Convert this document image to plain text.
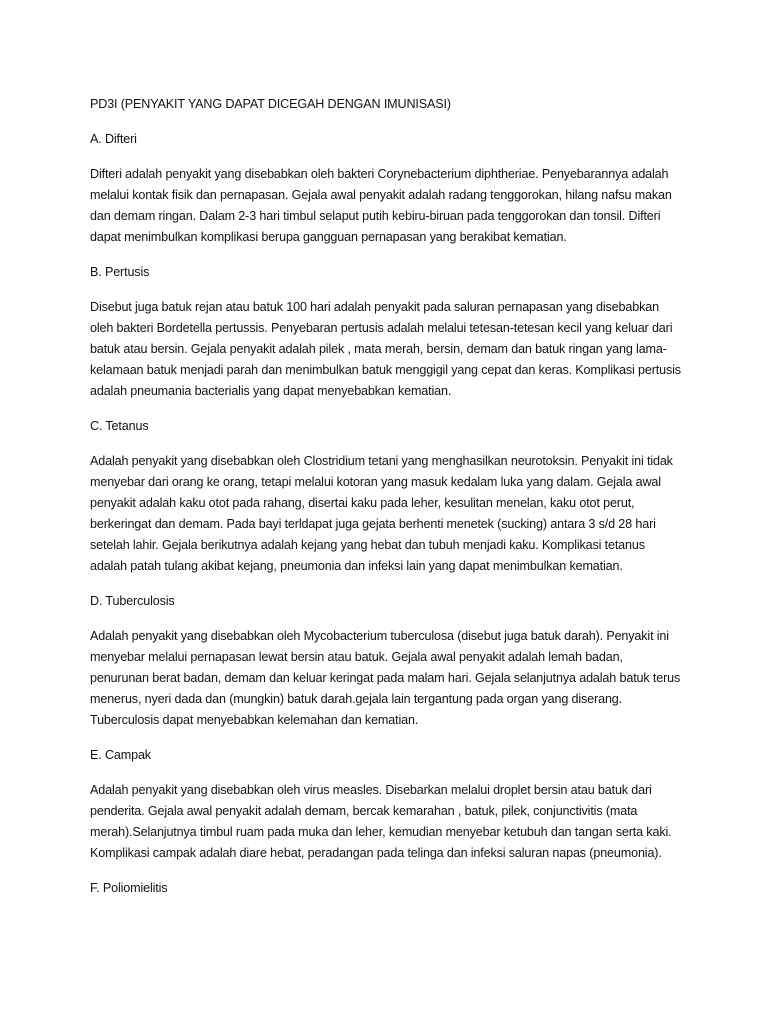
PD3I (PENYAKIT YANG DAPAT DICEGAH DENGAN IMUNISASI)

A. Difteri

Difteri adalah penyakit yang disebabkan oleh bakteri Corynebacterium diphtheriae. Penyebarannya adalah melalui kontak fisik dan pernapasan. Gejala awal penyakit adalah radang tenggorokan, hilang nafsu makan dan demam ringan. Dalam 2-3 hari timbul selaput putih kebiru-biruan pada tenggorokan dan tonsil. Difteri dapat menimbulkan komplikasi berupa gangguan pernapasan yang berakibat kematian.

B. Pertusis

Disebut juga batuk rejan atau batuk 100 hari adalah penyakit pada saluran pernapasan yang disebabkan oleh bakteri Bordetella pertussis. Penyebaran pertusis adalah melalui tetesan-tetesan kecil yang keluar dari batuk atau bersin. Gejala penyakit adalah pilek , mata merah, bersin, demam dan batuk ringan yang lama-kelamaan batuk menjadi parah dan menimbulkan batuk menggigil yang cepat dan keras. Komplikasi pertusis adalah pneumania bacterialis yang dapat menyebabkan kematian.

C. Tetanus

Adalah penyakit yang disebabkan oleh Clostridium tetani yang menghasilkan neurotoksin. Penyakit ini tidak menyebar dari orang ke orang, tetapi melalui kotoran yang masuk kedalam luka yang dalam. Gejala awal penyakit adalah kaku otot pada rahang, disertai kaku pada leher, kesulitan menelan, kaku otot perut, berkeringat dan demam. Pada bayi terldapat juga gejata berhenti menetek (sucking) antara 3 s/d 28 hari setelah lahir. Gejala berikutnya adalah kejang yang hebat dan tubuh menjadi kaku. Komplikasi tetanus adalah patah tulang akibat kejang, pneumonia dan infeksi lain yang dapat menimbulkan kematian.

D. Tuberculosis

Adalah penyakit yang disebabkan oleh Mycobacterium tuberculosa (disebut juga batuk darah). Penyakit ini menyebar melalui pernapasan lewat bersin atau batuk. Gejala awal penyakit adalah lemah badan, penurunan berat badan, demam dan keluar keringat pada malam hari. Gejala selanjutnya adalah batuk terus menerus, nyeri dada dan (mungkin) batuk darah.gejala lain tergantung pada organ yang diserang. Tuberculosis dapat menyebabkan kelemahan dan kematian.

E. Campak

Adalah penyakit yang disebabkan oleh virus measles. Disebarkan melalui droplet bersin atau batuk dari penderita. Gejala awal penyakit adalah demam, bercak kemarahan , batuk, pilek, conjunctivitis (mata merah).Selanjutnya timbul ruam pada muka dan leher, kemudian menyebar ketubuh dan tangan serta kaki. Komplikasi campak adalah diare hebat, peradangan pada telinga dan infeksi saluran napas (pneumonia).

F. Poliomielitis
